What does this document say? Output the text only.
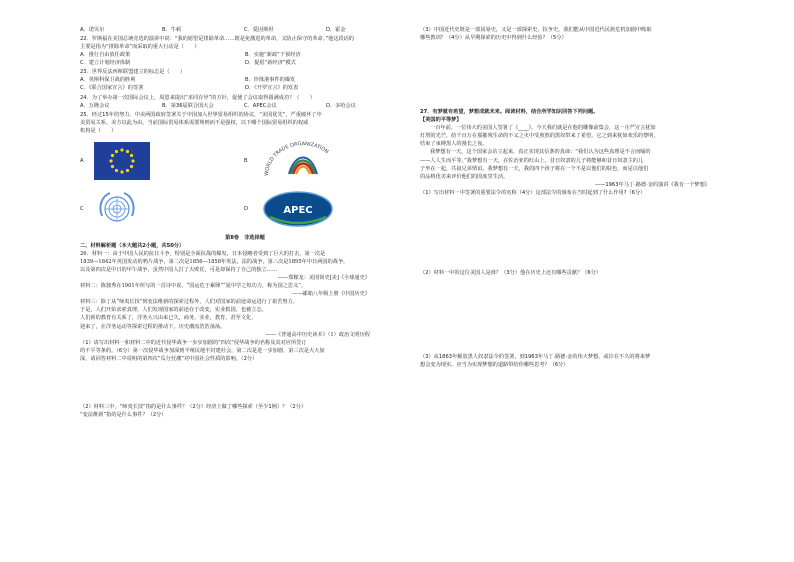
A．诺贝尔	B．牛顿	C．爱因斯坦	D．霍金
22．罗斯福在美国总统竞选的演讲中说：“我的愿望是排除革命……既是免激进的革命，又防止保守的革命。”他这段话的
主要是指为“排除革命”而采取的重大行动是（　　）
A．推行自由放任政策	B．实施“新政”干预经济
C．建立计划经济体制	D．提倡“新经济”模式
23．世界反法西斯联盟建立的标志是（　　）
A．英斯科保卫战的胜利	B．珍珠港事件的爆发
C．《联合国家宣言》的签署	D．《开罗宣言》的发表
24．为了举办第一次国际会议上，周恩来提出“求同存异”的方针，促使了会议取得圆满成功？（　　）
A．万隆会议	B．第36届联合国大会	C．APEC会议	D．多哈会议
25．经过15年的努力，中美两国政府签署关于中国加入世界贸易组织的协议，“美国优先”，严重破坏了中
美贸易关系。美方以此为由，当前国际贸易体系需要规则而不是强权，以下哪个国际贸易组织的权威
机构是（　　）
A	B
WORLD TRADE ORGANIZATION
C	D	APEC
第Ⅱ卷　非选择题
二、材料解析题（本大题共2小题，共50分）
26．材料一：由于中国人民的抗日斗争，特别是全面抗战的爆发，日本侵略者受到了巨大的打击，第一次是
1839—1842年英国发动的鸦片战争，第二次是1856—1858年英法，法的战争，第三次是1895年中日两国的战争，
以及第四次是中日的甲午战争，虽然中国人打了大败仗，可是却保持了自己的独立……
——郑樑龙：美国简史[美]《全球通史》
材料二：陈独秀在1901年所写的一首诗中说，“国运危于累卵”“夏中学之短功力，称为国之思义”。
——邮箱八年级上册《中国历史》
材料三：除了从“师夷长技”到变法维新的探索过程外，人们对国家的前途命运进行了艰苦努力。
于是，人们开始求索真理，人们发现国家的前途在于改变，实业救国，也被立志，
人们新的教育有关系了，洋务大兴由来已久，商务，实业，教育，甚至文化，
迎来了，在洋务运动等探索过程的推动下，历史潮流浩浩荡荡。
——《普通高中历史读本》（1）政治文明历程
（1）请写出材料一和材料二中的近代侵华战争一步步加剧的“四次”侵华战争的名称及其对应所签订
的不平等条约。（6分）第一次侵华战争加深到半殖民地半封建社会，第二次是进一步加剧，第三次是大大加
深，请回答材料二中说明的第四次“瓜分狂潮”对中国社会性质的影响。（2分）
（2）材料三中，“师夷长技”指的是什么事件？（2分）经济上做了哪些探索（至少1例）？（2分）
“变法维新”指的是什么事件？（2分）
（3）中国近代史既是一部屈辱史，又是一部探索史，抗争史。我们能从中国近代民族危机加剧中吸取
哪些教训？（4分）从早期探索的历史中得到什么经验？（5分）
27．有梦就有希望，梦想成就未来。阅读材料，结合所学知识回答下列问题。
【美国的平等梦】
一百年前，一位伟大的美国人签署了《____》。今天我们就是在他的雕像前集会，这一庄严宣言犹如
灯塔的光芒，给千百万在那摧残生命的不义之火中受煎熬的黑奴带来了希望。它之到来犹如欢乐的黎明，
结束了束缚黑人的漫长之夜。
我梦想有一天，这个国家会站立起来，真正实现其信条的真谛：“我们认为这些真理是不言而喻的
——人人生而平等。”我梦想有一天，在佐治亚的红山上，昔日奴隶的儿子将能够和昔日奴隶主的儿
子坐在一起，共叙兄弟情谊。我梦想有一天，我的四个孩子将在一个不是以他们的肤色，而是以他们
的品格优劣来评价他们的国度里生活。
——1963年马丁·路德·金的演讲《我有一个梦想》
（1）写出材料一中签署的重要法令的名称（4分）这部法令的颁布在当时起到了什么作用?（6分）
（2）材料一中的这位美国人是谁？（3分）他在历史上还有哪些贡献？（6分）
（3）从1863年解放黑人奴隶法令的签署，到1963年马丁·路德·金的伟大梦想，或许在不久的将来梦
想会变为现实。应当为实现梦想的道路带给你哪些思考？（6分）
